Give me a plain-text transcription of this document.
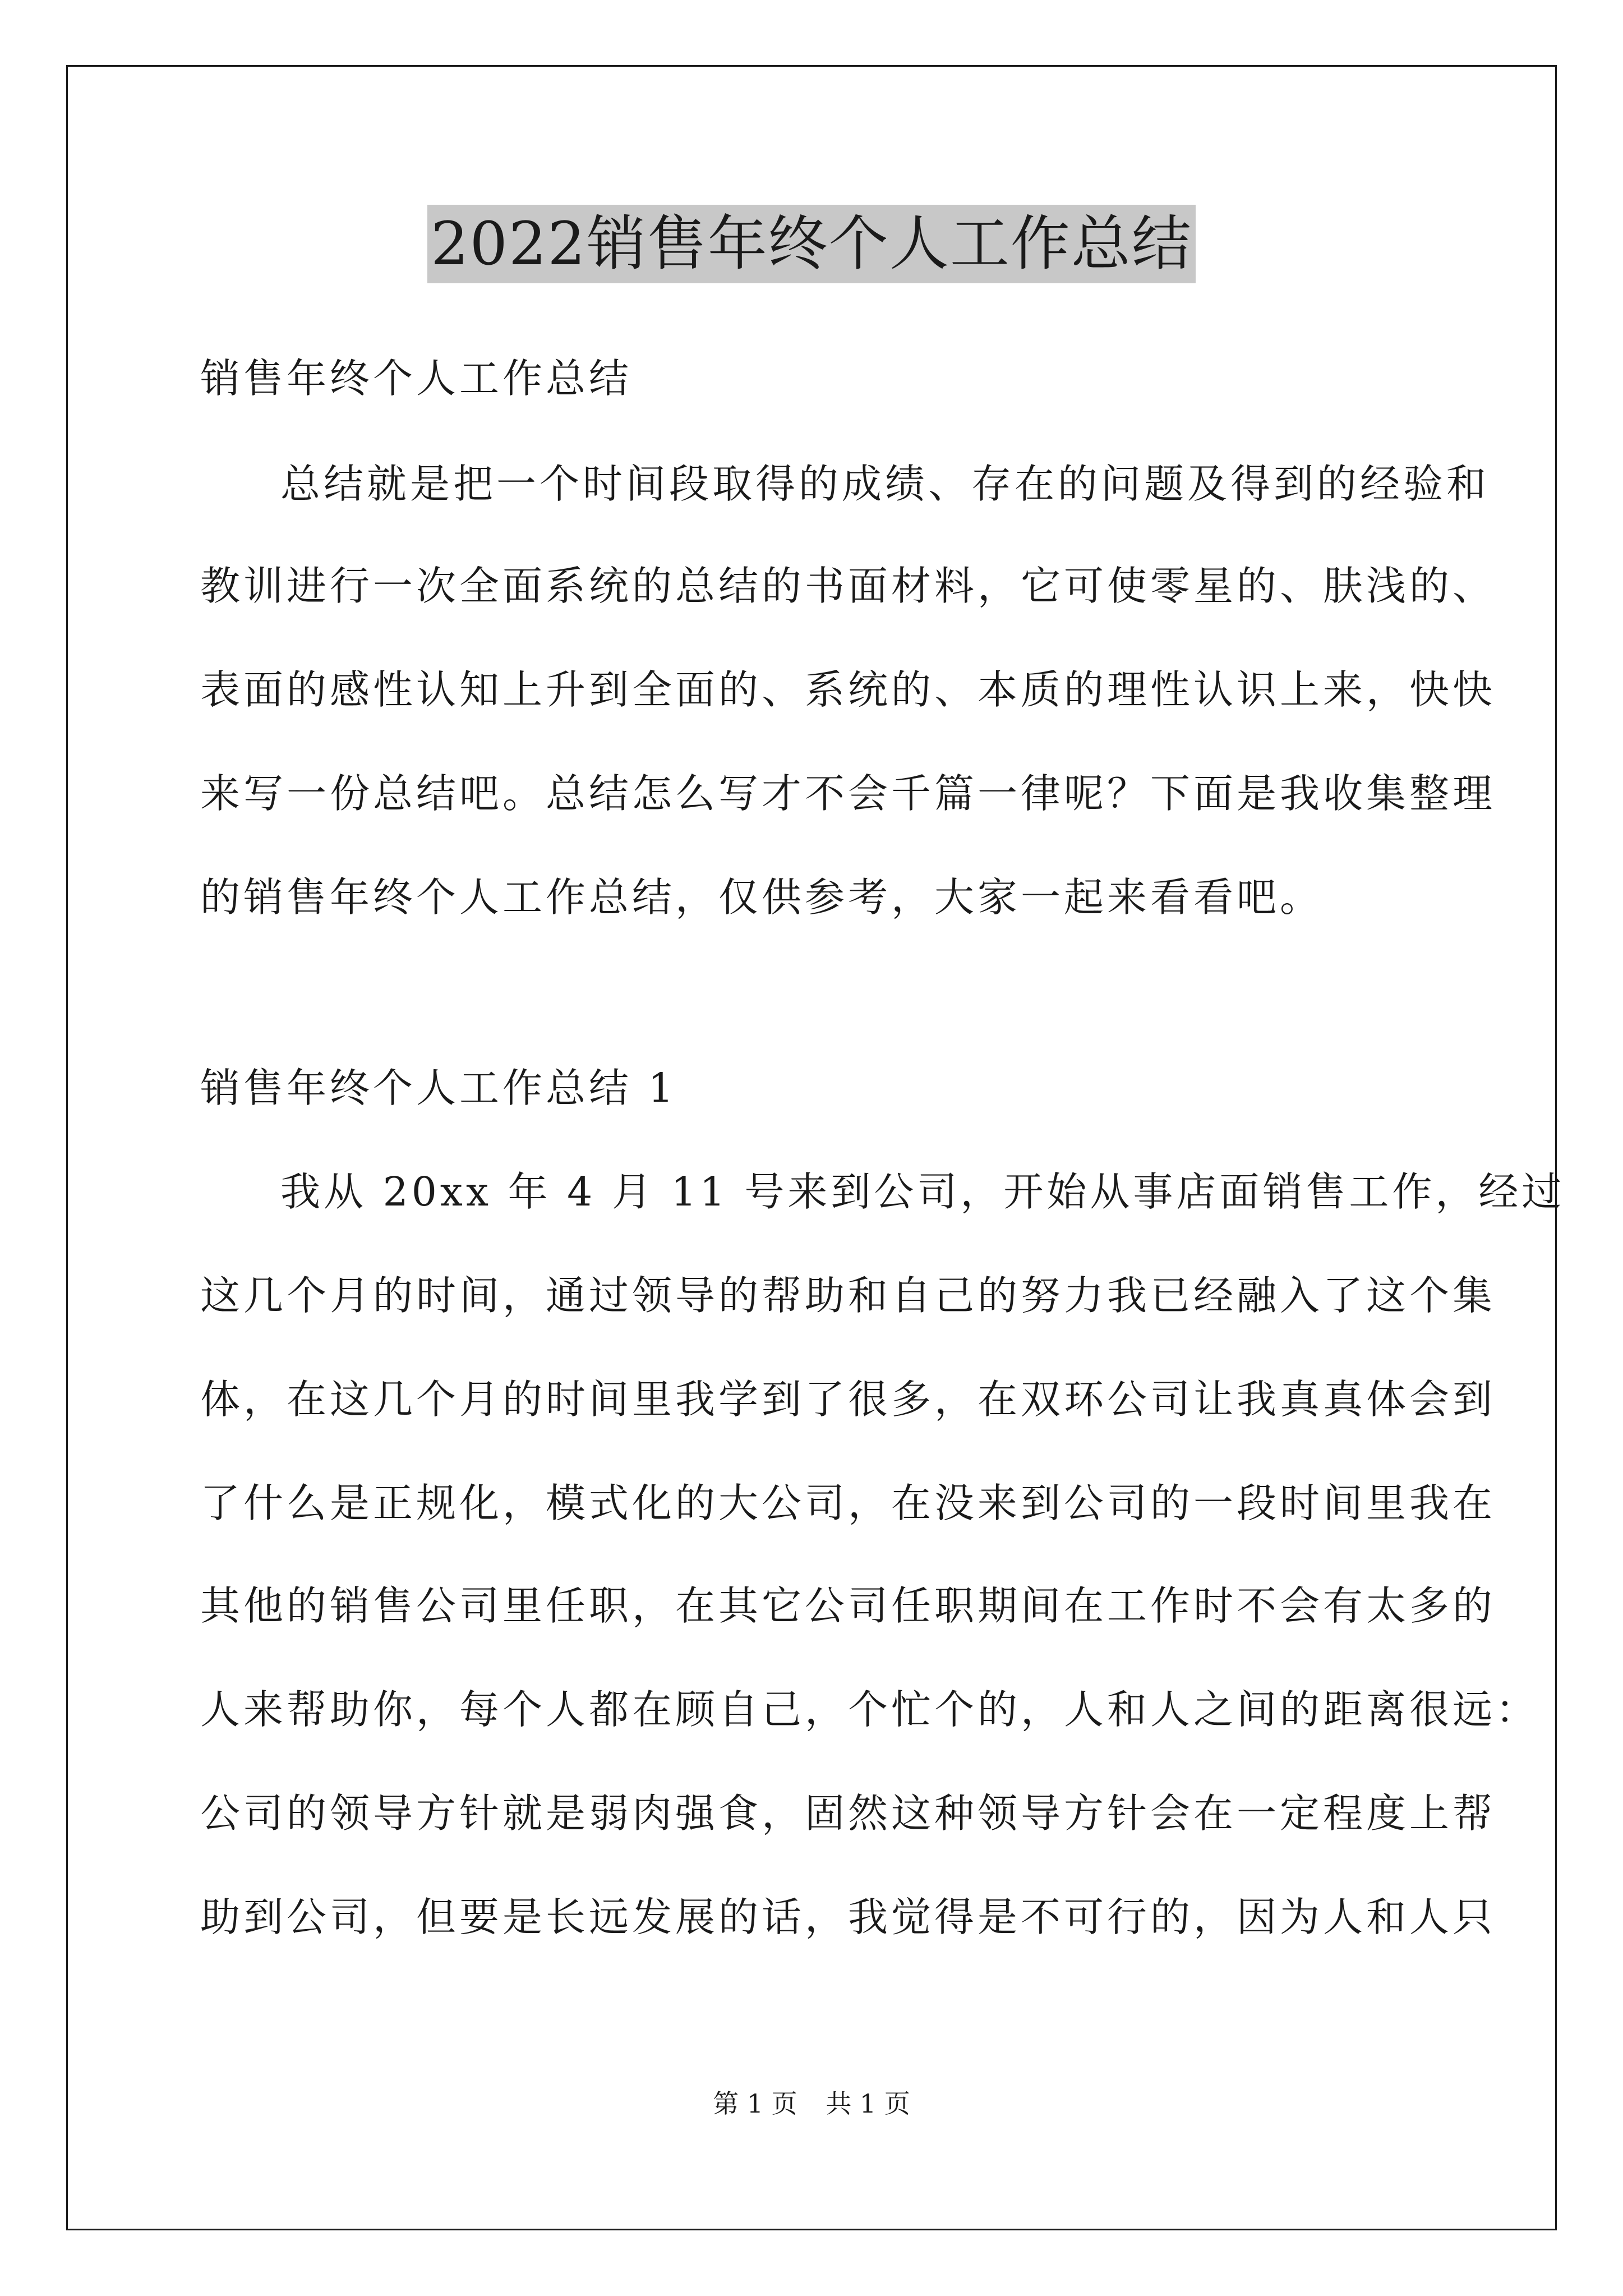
2022销售年终个人工作总结
销售年终个人工作总结
总结就是把一个时间段取得的成绩、存在的问题及得到的经验和
教训进行一次全面系统的总结的书面材料，它可使零星的、肤浅的、
表面的感性认知上升到全面的、系统的、本质的理性认识上来，快快
来写一份总结吧。总结怎么写才不会千篇一律呢？下面是我收集整理
的销售年终个人工作总结，仅供参考，大家一起来看看吧。
销售年终个人工作总结 1
我从 20xx 年 4 月 11 号来到公司，开始从事店面销售工作，经过
这几个月的时间，通过领导的帮助和自己的努力我已经融入了这个集
体，在这几个月的时间里我学到了很多，在双环公司让我真真体会到
了什么是正规化，模式化的大公司，在没来到公司的一段时间里我在
其他的销售公司里任职，在其它公司任职期间在工作时不会有太多的
人来帮助你，每个人都在顾自己，个忙个的，人和人之间的距离很远：
公司的领导方针就是弱肉强食，固然这种领导方针会在一定程度上帮
助到公司，但要是长远发展的话，我觉得是不可行的，因为人和人只
第 1 页 共 1 页
